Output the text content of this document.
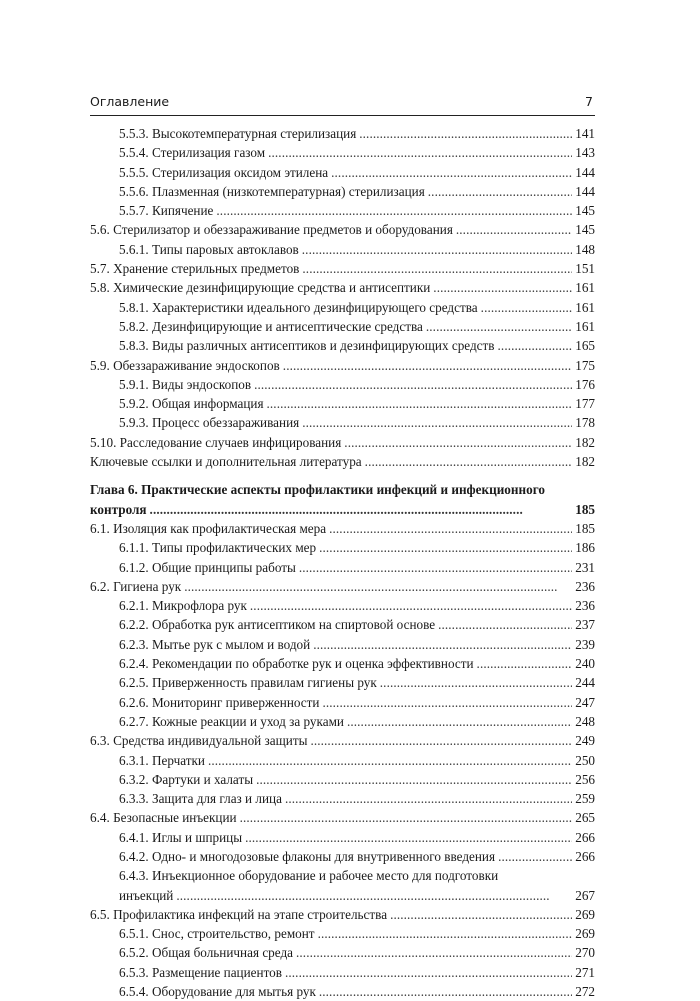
Оглавление	7
5.5.3. Высокотемпературная стерилизация . . .	141
5.5.4. Стерилизация газом . . .	143
5.5.5. Стерилизация оксидом этилена . . .	144
5.5.6. Плазменная (низкотемпературная) стерилизация . . .	144
5.5.7. Кипячение . . .	145
5.6. Стерилизатор и обеззараживание предметов и оборудования . . .	145
5.6.1. Типы паровых автоклавов . . .	148
5.7. Хранение стерильных предметов . . .	151
5.8. Химические дезинфицирующие средства и антисептики . . .	161
5.8.1. Характеристики идеального дезинфицирующего средства . . .	161
5.8.2. Дезинфицирующие и антисептические средства . . .	161
5.8.3. Виды различных антисептиков и дезинфицирующих средств . . .	165
5.9. Обеззараживание эндоскопов . . .	175
5.9.1. Виды эндоскопов . . .	176
5.9.2. Общая информация . . .	177
5.9.3. Процесс обеззараживания . . .	178
5.10. Расследование случаев инфицирования . . .	182
Ключевые ссылки и дополнительная литература . . .	182
Глава 6. Практические аспекты профилактики инфекций и инфекционного
контроля . . .	185
6.1. Изоляция как профилактическая мера . . .	185
6.1.1. Типы профилактических мер . . .	186
6.1.2. Общие принципы работы . . .	231
6.2. Гигиена рук . . .	236
6.2.1. Микрофлора рук . . .	236
6.2.2. Обработка рук антисептиком на спиртовой основе . . .	237
6.2.3. Мытье рук с мылом и водой . . .	239
6.2.4. Рекомендации по обработке рук и оценка эффективности . . .	240
6.2.5. Приверженность правилам гигиены рук . . .	244
6.2.6. Мониторинг приверженности . . .	247
6.2.7. Кожные реакции и уход за руками . . .	248
6.3. Средства индивидуальной защиты . . .	249
6.3.1. Перчатки . . .	250
6.3.2. Фартуки и халаты . . .	256
6.3.3. Защита для глаз и лица . . .	259
6.4. Безопасные инъекции . . .	265
6.4.1. Иглы и шприцы . . .	266
6.4.2. Одно- и многодозовые флаконы для внутривенного введения . . .	266
6.4.3. Инъекционное оборудование и рабочее место для подготовки
инъекций . . .	267
6.5. Профилактика инфекций на этапе строительства . . .	269
6.5.1. Снос, строительство, ремонт . . .	269
6.5.2. Общая больничная среда . . .	270
6.5.3. Размещение пациентов . . .	271
6.5.4. Оборудование для мытья рук . . .	272
